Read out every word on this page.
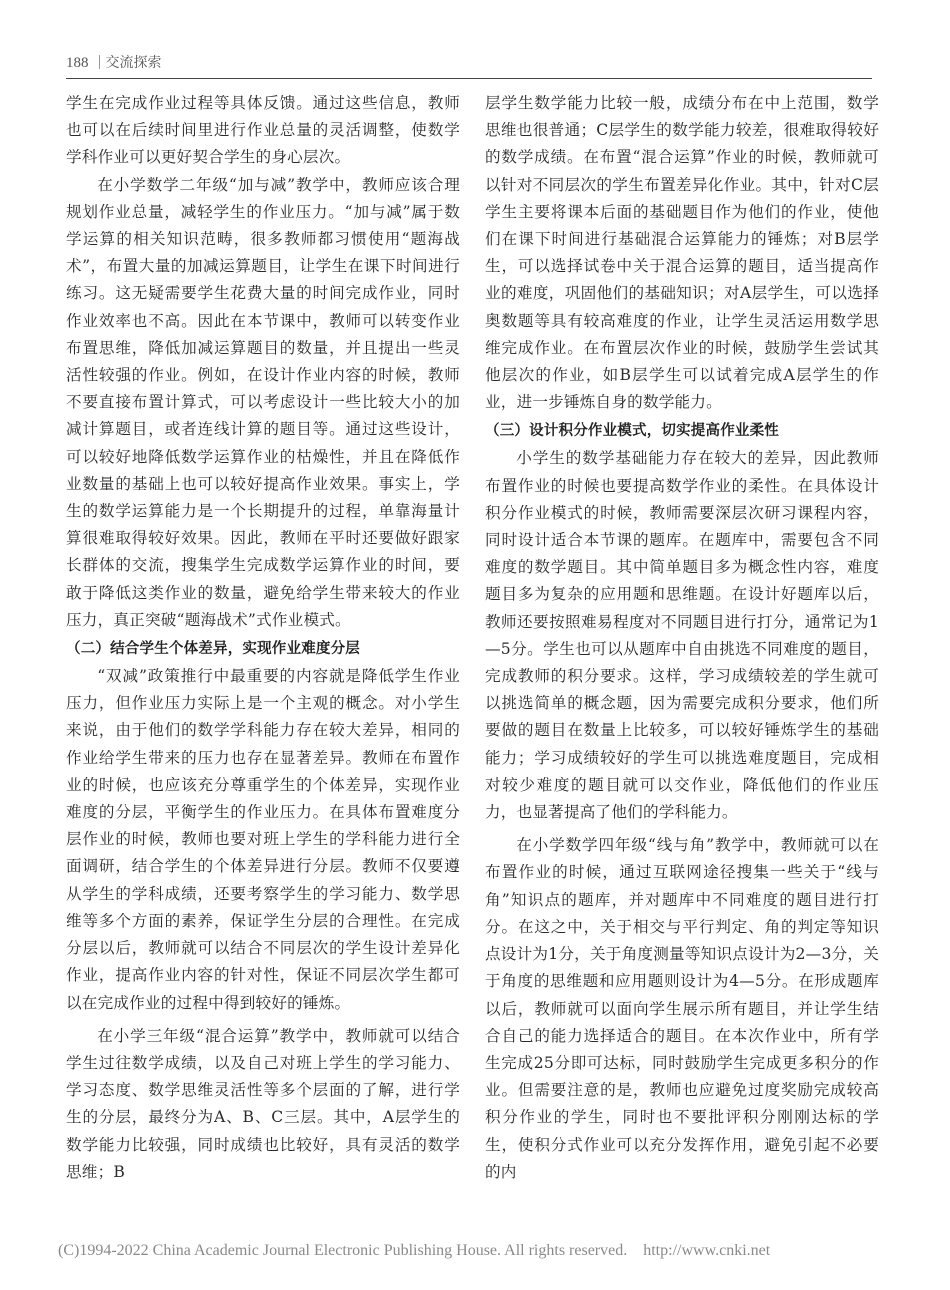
188 交流探索

学生在完成作业过程等具体反馈。通过这些信息，教师也可以在后续时间里进行作业总量的灵活调整，使数学学科作业可以更好契合学生的身心层次。

在小学数学二年级“加与减”教学中，教师应该合理规划作业总量，减轻学生的作业压力。“加与减”属于数学运算的相关知识范畴，很多教师都习惯使用“题海战术”，布置大量的加减运算题目，让学生在课下时间进行练习。这无疑需要学生花费大量的时间完成作业，同时作业效率也不高。因此在本节课中，教师可以转变作业布置思维，降低加减运算题目的数量，并且提出一些灵活性较强的作业。例如，在设计作业内容的时候，教师不要直接布置计算式，可以考虑设计一些比较大小的加减计算题目，或者连线计算的题目等。通过这些设计，可以较好地降低数学运算作业的枯燥性，并且在降低作业数量的基础上也可以较好提高作业效果。事实上，学生的数学运算能力是一个长期提升的过程，单靠海量计算很难取得较好效果。因此，教师在平时还要做好跟家长群体的交流，搜集学生完成数学运算作业的时间，要敢于降低这类作业的数量，避免给学生带来较大的作业压力，真正突破“题海战术”式作业模式。

（二）结合学生个体差异，实现作业难度分层

“双减”政策推行中最重要的内容就是降低学生作业压力，但作业压力实际上是一个主观的概念。对小学生来说，由于他们的数学学科能力存在较大差异，相同的作业给学生带来的压力也存在显著差异。教师在布置作业的时候，也应该充分尊重学生的个体差异，实现作业难度的分层，平衡学生的作业压力。在具体布置难度分层作业的时候，教师也要对班上学生的学科能力进行全面调研，结合学生的个体差异进行分层。教师不仅要遵从学生的学科成绩，还要考察学生的学习能力、数学思维等多个方面的素养，保证学生分层的合理性。在完成分层以后，教师就可以结合不同层次的学生设计差异化作业，提高作业内容的针对性，保证不同层次学生都可以在完成作业的过程中得到较好的锤炼。

在小学三年级“混合运算”教学中，教师就可以结合学生过往数学成绩，以及自己对班上学生的学习能力、学习态度、数学思维灵活性等多个层面的了解，进行学生的分层，最终分为A、B、C三层。其中，A层学生的数学能力比较强，同时成绩也比较好，具有灵活的数学思维；B

层学生数学能力比较一般，成绩分布在中上范围，数学思维也很普通；C层学生的数学能力较差，很难取得较好的数学成绩。在布置“混合运算”作业的时候，教师就可以针对不同层次的学生布置差异化作业。其中，针对C层学生主要将课本后面的基础题目作为他们的作业，使他们在课下时间进行基础混合运算能力的锤炼；对B层学生，可以选择试卷中关于混合运算的题目，适当提高作业的难度，巩固他们的基础知识；对A层学生，可以选择奥数题等具有较高难度的作业，让学生灵活运用数学思维完成作业。在布置层次作业的时候，鼓励学生尝试其他层次的作业，如B层学生可以试着完成A层学生的作业，进一步锤炼自身的数学能力。

（三）设计积分作业模式，切实提高作业柔性

小学生的数学基础能力存在较大的差异，因此教师布置作业的时候也要提高数学作业的柔性。在具体设计积分作业模式的时候，教师需要深层次研习课程内容，同时设计适合本节课的题库。在题库中，需要包含不同难度的数学题目。其中简单题目多为概念性内容，难度题目多为复杂的应用题和思维题。在设计好题库以后，教师还要按照难易程度对不同题目进行打分，通常记为1—5分。学生也可以从题库中自由挑选不同难度的题目，完成教师的积分要求。这样，学习成绩较差的学生就可以挑选简单的概念题，因为需要完成积分要求，他们所要做的题目在数量上比较多，可以较好锤炼学生的基础能力；学习成绩较好的学生可以挑选难度题目，完成相对较少难度的题目就可以交作业，降低他们的作业压力，也显著提高了他们的学科能力。

在小学数学四年级“线与角”教学中，教师就可以在布置作业的时候，通过互联网途径搜集一些关于“线与角”知识点的题库，并对题库中不同难度的题目进行打分。在这之中，关于相交与平行判定、角的判定等知识点设计为1分，关于角度测量等知识点设计为2—3分，关于角度的思维题和应用题则设计为4—5分。在形成题库以后，教师就可以面向学生展示所有题目，并让学生结合自己的能力选择适合的题目。在本次作业中，所有学生完成25分即可达标，同时鼓励学生完成更多积分的作业。但需要注意的是，教师也应避免过度奖励完成较高积分作业的学生，同时也不要批评积分刚刚达标的学生，使积分式作业可以充分发挥作用，避免引起不必要的内

(C)1994-2022 China Academic Journal Electronic Publishing House. All rights reserved. http://www.cnki.net
